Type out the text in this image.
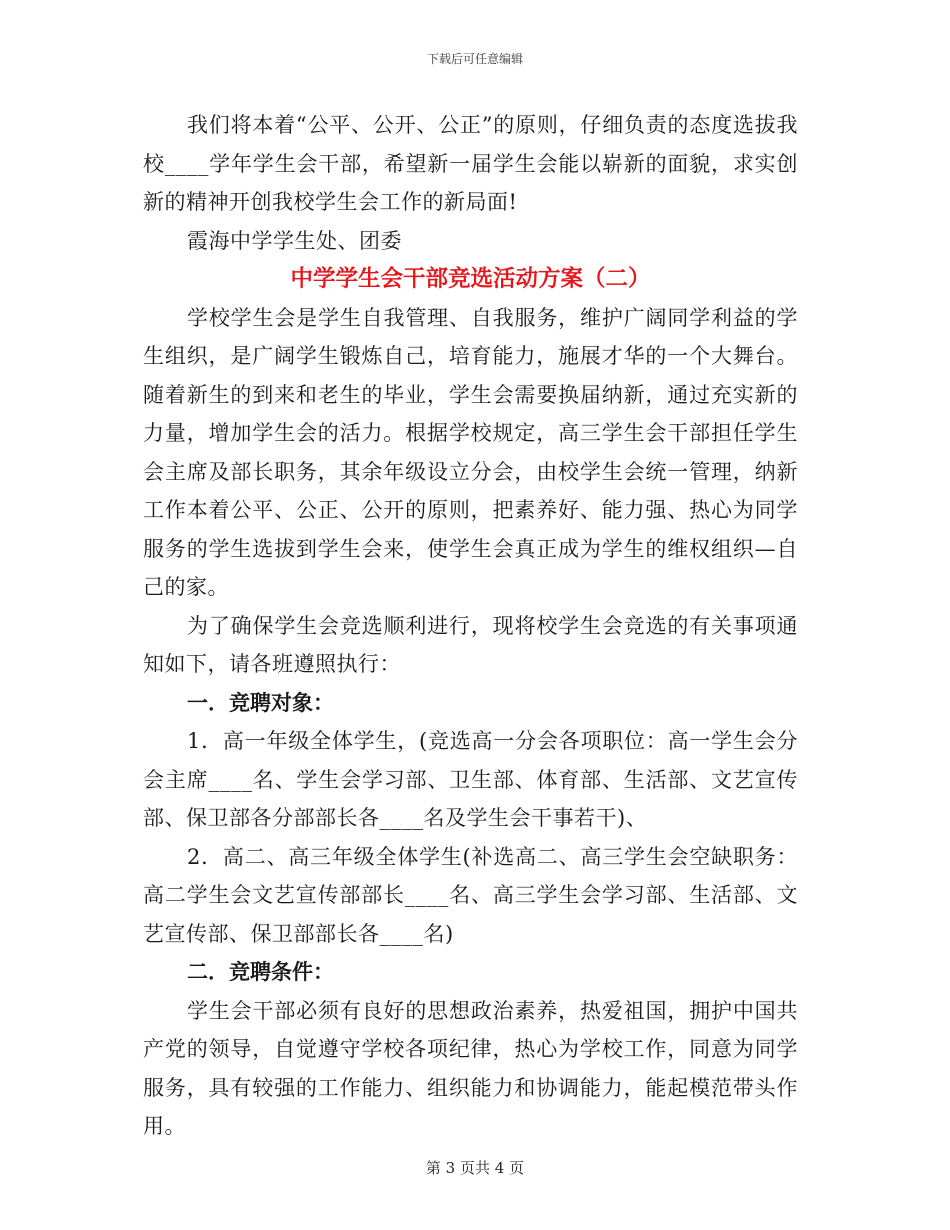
下载后可任意编辑

我们将本着“公平、公开、公正”的原则，仔细负责的态度选拔我校____学年学生会干部，希望新一届学生会能以崭新的面貌，求实创新的精神开创我校学生会工作的新局面!

霞海中学学生处、团委

中学学生会干部竞选活动方案（二）

学校学生会是学生自我管理、自我服务，维护广阔同学利益的学生组织，是广阔学生锻炼自己，培育能力，施展才华的一个大舞台。随着新生的到来和老生的毕业，学生会需要换届纳新，通过充实新的力量，增加学生会的活力。根据学校规定，高三学生会干部担任学生会主席及部长职务，其余年级设立分会，由校学生会统一管理，纳新工作本着公平、公正、公开的原则，把素养好、能力强、热心为同学服务的学生选拔到学生会来，使学生会真正成为学生的维权组织—自己的家。

为了确保学生会竞选顺利进行，现将校学生会竞选的有关事项通知如下，请各班遵照执行：

一．竞聘对象：

1．高一年级全体学生，(竞选高一分会各项职位：高一学生会分会主席____名、学生会学习部、卫生部、体育部、生活部、文艺宣传部、保卫部各分部部长各____名及学生会干事若干)、

2．高二、高三年级全体学生(补选高二、高三学生会空缺职务：高二学生会文艺宣传部部长____名、高三学生会学习部、生活部、文艺宣传部、保卫部部长各____名)

二．竞聘条件：

学生会干部必须有良好的思想政治素养，热爱祖国，拥护中国共产党的领导，自觉遵守学校各项纪律，热心为学校工作，同意为同学服务，具有较强的工作能力、组织能力和协调能力，能起模范带头作用。

第 3 页共 4 页
